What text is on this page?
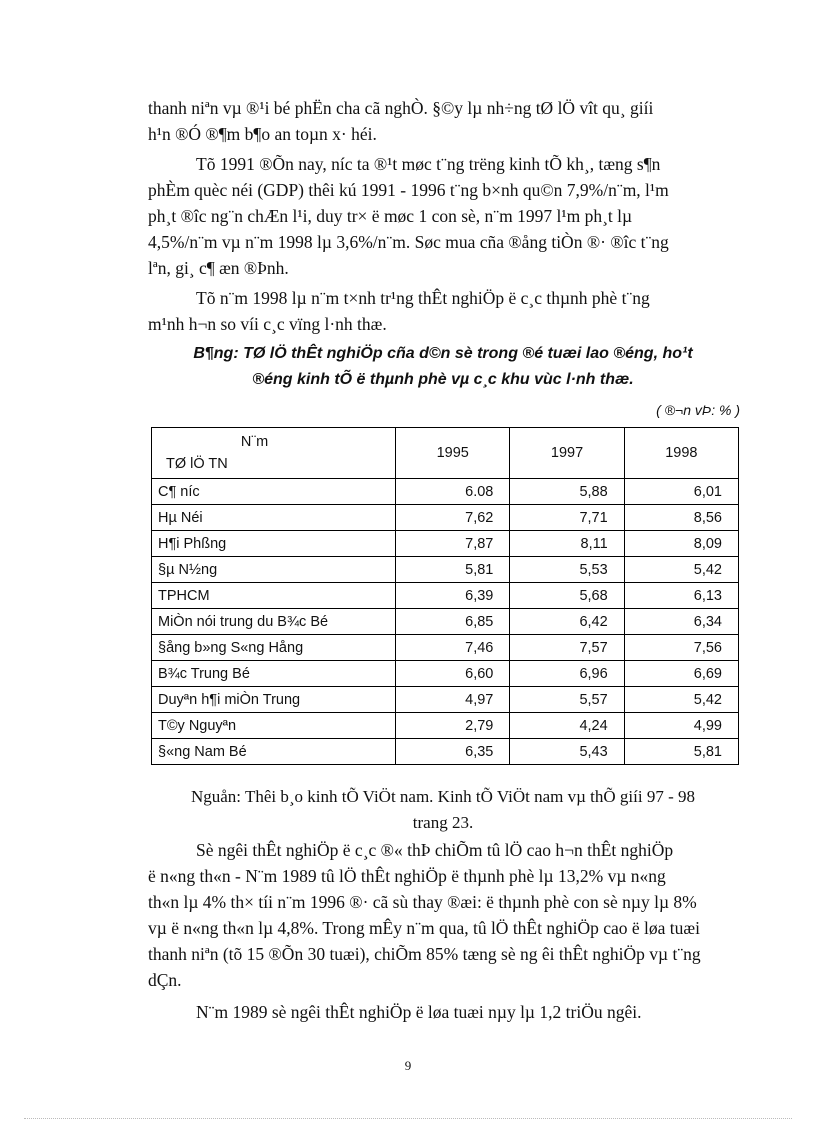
thanh niªn vµ ®¹i bé phËn cha cã nghÒ. §©y lµ nh÷ng tØ lÖ vît qu¸ giíi
h¹n ®Ó ®¶m b¶o an toµn x· héi.
Tõ 1991 ®Õn nay, níc ta ®¹t møc t¨ng trëng kinh tÕ kh¸, tæng s¶n
phÈm quèc néi (GDP) thêi kú 1991 - 1996 t¨ng b×nh qu©n 7,9%/n¨m, l¹m
ph¸t ®îc ng¨n chÆn l¹i, duy tr× ë møc 1 con sè, n¨m 1997 l¹m ph¸t lµ
4,5%/n¨m vµ n¨m 1998 lµ 3,6%/n¨m. Søc mua cña ®ång tiÒn ®· ®îc t¨ng
lªn, gi¸ c¶ æn ®Þnh.
Tõ n¨m 1998 lµ n¨m t×nh tr¹ng thÊt nghiÖp ë c¸c thµnh phè t¨ng
m¹nh h¬n so víi c¸c vïng l·nh thæ.

B¶ng: TØ lÖ thÊt nghiÖp cña d©n sè trong ®é tuæi lao ®éng, ho¹t
®éng kinh tÕ ë thµnh phè vµ c¸c khu vùc l·nh thæ.

( ®¬n vÞ: % )
N¨m
TØ lÖ TN	1995	1997	1998
C¶ níc	6.08	5,88	6,01
Hµ Néi	7,62	7,71	8,56
H¶i Phßng	7,87	8,11	8,09
§µ N½ng	5,81	5,53	5,42
TPHCM	6,39	5,68	6,13
MiÒn nói trung du B¾c Bé	6,85	6,42	6,34
§ång b»ng S«ng Hång	7,46	7,57	7,56
B¾c Trung Bé	6,60	6,96	6,69
Duyªn h¶i miÒn Trung	4,97	5,57	5,42
T©y Nguyªn	2,79	4,24	4,99
§«ng Nam Bé	6,35	5,43	5,81

Nguån: Thêi b¸o kinh tÕ ViÖt nam. Kinh tÕ ViÖt nam vµ thÕ giíi 97 - 98
trang 23.

Sè ngêi thÊt nghiÖp ë c¸c ®« thÞ chiÕm tû lÖ cao h¬n thÊt nghiÖp
ë n«ng th«n - N¨m 1989 tû lÖ thÊt nghiÖp ë thµnh phè lµ 13,2% vµ n«ng
th«n lµ 4% th× tíi n¨m 1996 ®· cã sù thay ®æi: ë thµnh phè con sè nµy lµ 8%
vµ ë n«ng th«n lµ 4,8%. Trong mÊy n¨m qua, tû lÖ thÊt nghiÖp cao ë løa tuæi
thanh niªn (tõ 15 ®Õn 30 tuæi), chiÕm 85% tæng sè ng êi thÊt nghiÖp vµ t¨ng
dÇn.
N¨m 1989 sè ngêi thÊt nghiÖp ë løa tuæi nµy lµ 1,2 triÖu ngêi.
9
